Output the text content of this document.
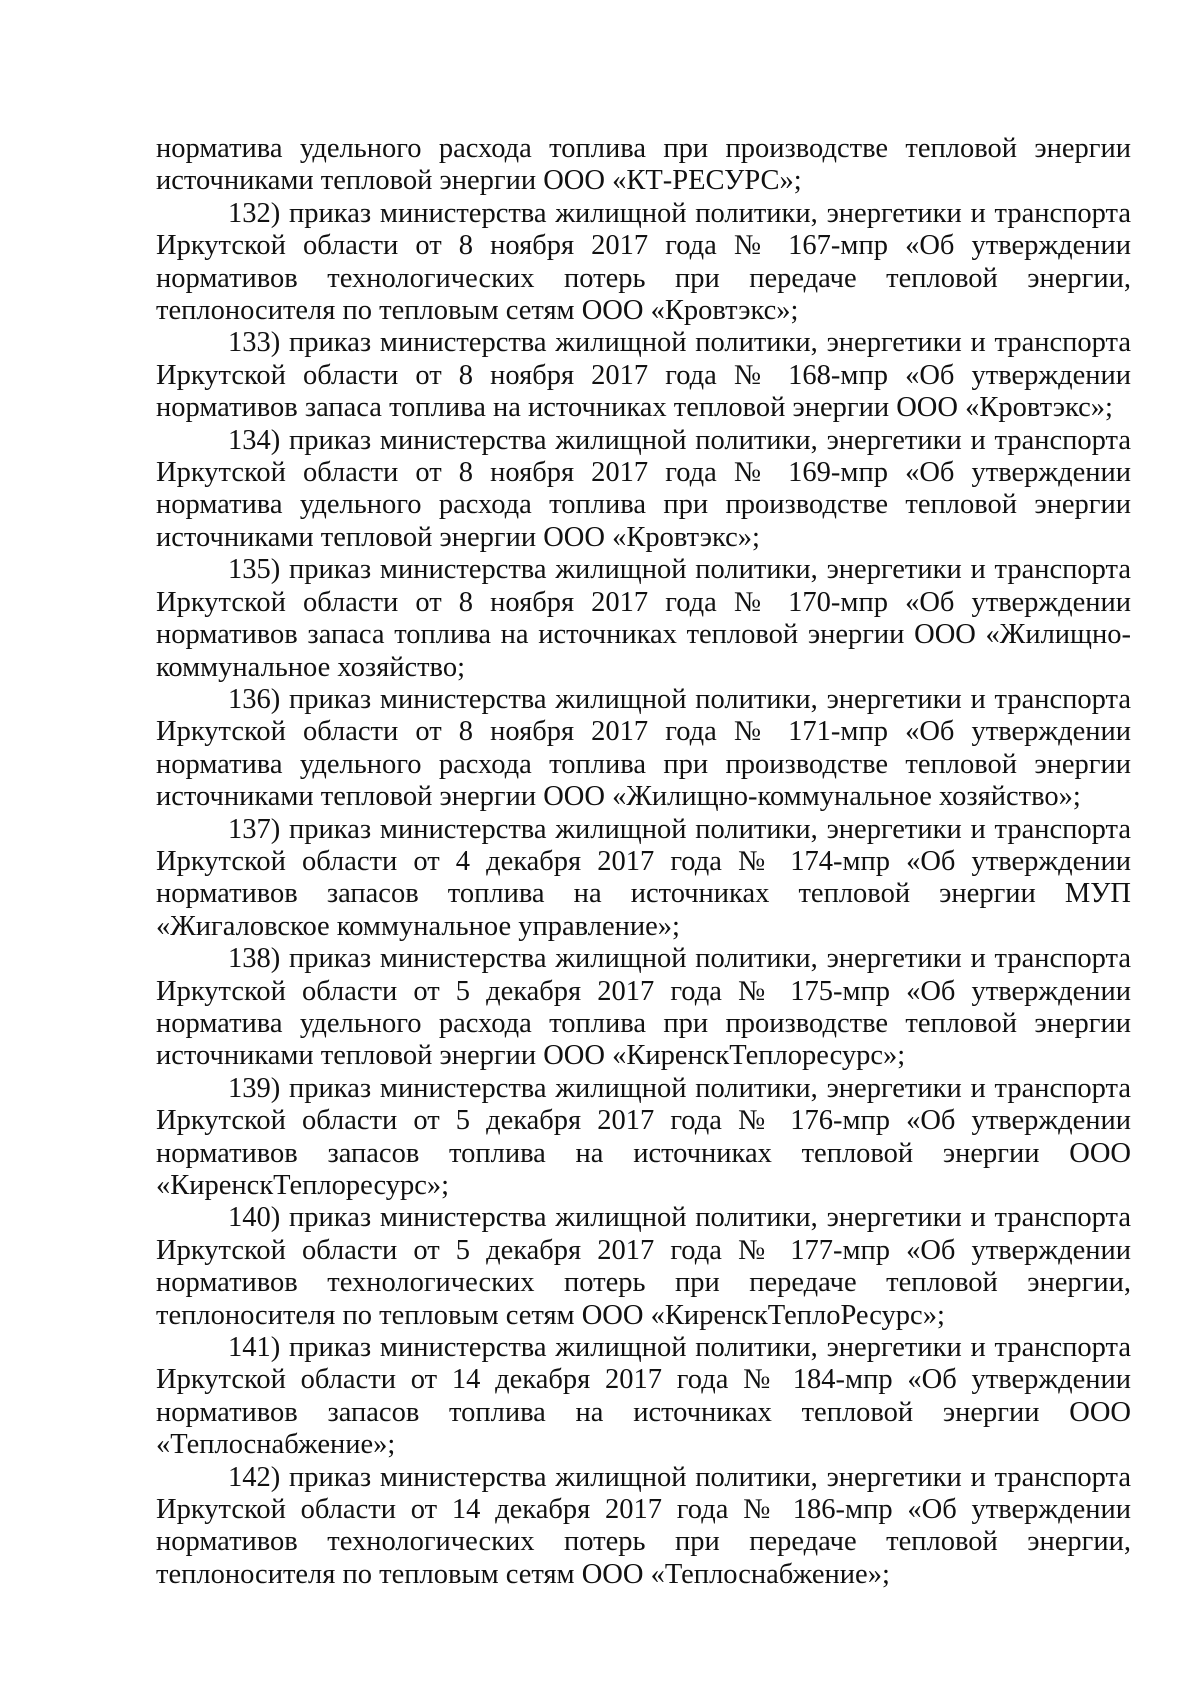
норматива удельного расхода топлива при производстве тепловой энергии источниками тепловой энергии ООО «КТ-РЕСУРС»;

132) приказ министерства жилищной политики, энергетики и транспорта Иркутской области от 8 ноября 2017 года № 167-мпр «Об утверждении нормативов технологических потерь при передаче тепловой энергии, теплоносителя по тепловым сетям ООО «Кровтэкс»;

133) приказ министерства жилищной политики, энергетики и транспорта Иркутской области от 8 ноября 2017 года № 168-мпр «Об утверждении нормативов запаса топлива на источниках тепловой энергии ООО «Кровтэкс»;

134) приказ министерства жилищной политики, энергетики и транспорта Иркутской области от 8 ноября 2017 года № 169-мпр «Об утверждении норматива удельного расхода топлива при производстве тепловой энергии источниками тепловой энергии ООО «Кровтэкс»;

135) приказ министерства жилищной политики, энергетики и транспорта Иркутской области от 8 ноября 2017 года № 170-мпр «Об утверждении нормативов запаса топлива на источниках тепловой энергии ООО «Жилищно-коммунальное хозяйство;

136) приказ министерства жилищной политики, энергетики и транспорта Иркутской области от 8 ноября 2017 года № 171-мпр «Об утверждении норматива удельного расхода топлива при производстве тепловой энергии источниками тепловой энергии ООО «Жилищно-коммунальное хозяйство»;

137) приказ министерства жилищной политики, энергетики и транспорта Иркутской области от 4 декабря 2017 года № 174-мпр «Об утверждении нормативов запасов топлива на источниках тепловой энергии МУП «Жигаловское коммунальное управление»;

138) приказ министерства жилищной политики, энергетики и транспорта Иркутской области от 5 декабря 2017 года № 175-мпр «Об утверждении норматива удельного расхода топлива при производстве тепловой энергии источниками тепловой энергии ООО «КиренскТеплоресурс»;

139) приказ министерства жилищной политики, энергетики и транспорта Иркутской области от 5 декабря 2017 года № 176-мпр «Об утверждении нормативов запасов топлива на источниках тепловой энергии ООО «КиренскТеплоресурс»;

140) приказ министерства жилищной политики, энергетики и транспорта Иркутской области от 5 декабря 2017 года № 177-мпр «Об утверждении нормативов технологических потерь при передаче тепловой энергии, теплоносителя по тепловым сетям ООО «КиренскТеплоРесурс»;

141) приказ министерства жилищной политики, энергетики и транспорта Иркутской области от 14 декабря 2017 года № 184-мпр «Об утверждении нормативов запасов топлива на источниках тепловой энергии ООО «Теплоснабжение»;

142) приказ министерства жилищной политики, энергетики и транспорта Иркутской области от 14 декабря 2017 года № 186-мпр «Об утверждении нормативов технологических потерь при передаче тепловой энергии, теплоносителя по тепловым сетям ООО «Теплоснабжение»;
